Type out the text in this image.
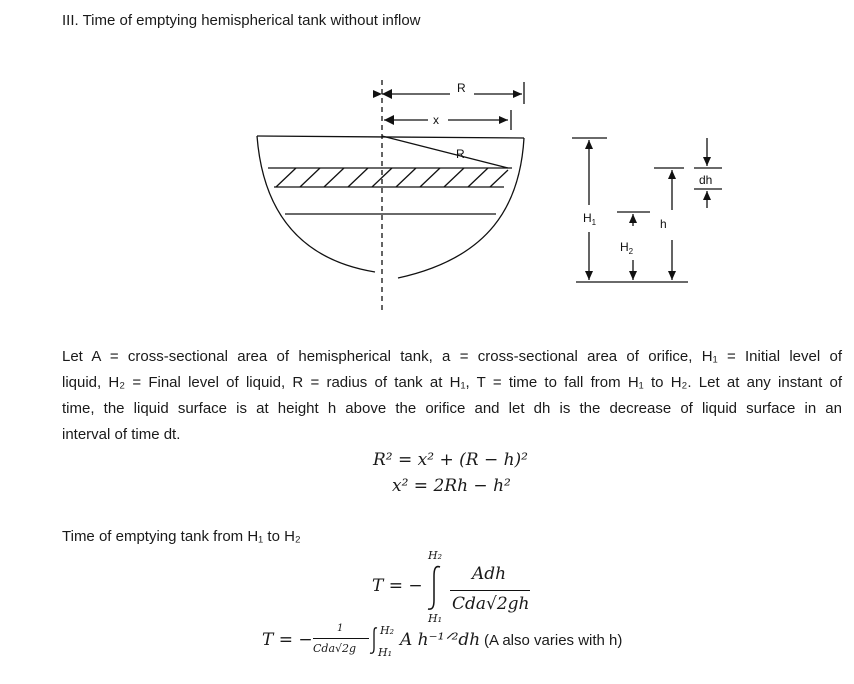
III. Time of emptying hemispherical tank without inflow
R
x
R
$H_1$
$H_2$
h
dh
Let A = cross-sectional area of hemispherical tank, a = cross-sectional area of orifice, H₁ = Initial level of
liquid, H₂ = Final level of liquid, R = radius of tank at H₁, T = time to fall from H₁ to H₂. Let at any instant of
time, the liquid surface is at height h above the orifice and let dh is the decrease of liquid surface in an
interval of time dt.
R² = x² + (R − h)²
x² = 2Rh − h²
Time of emptying tank from H₁ to H₂
T = −
H₂
H₁
Adh
Cda√2gh
T = −
1
Cda√2g
H₂
H₁
A h⁻¹ᐟ²dh (A also varies with h)
